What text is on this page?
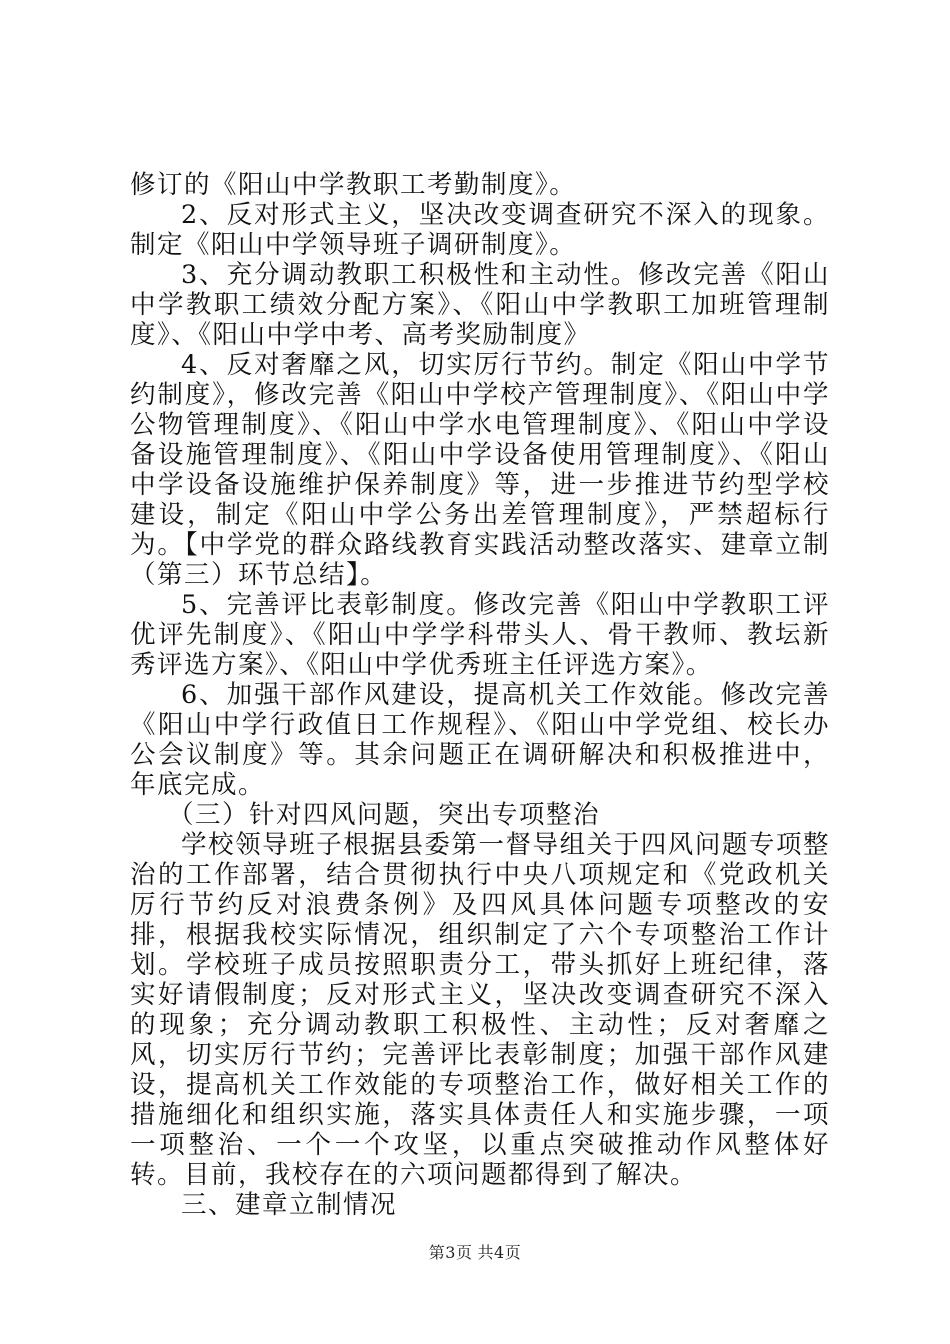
修订的《阳山中学教职工考勤制度》。

2、反对形式主义，坚决改变调查研究不深入的现象。制定《阳山中学领导班子调研制度》。

3、充分调动教职工积极性和主动性。修改完善《阳山中学教职工绩效分配方案》、《阳山中学教职工加班管理制度》、《阳山中学中考、高考奖励制度》

4、反对奢靡之风，切实厉行节约。制定《阳山中学节约制度》，修改完善《阳山中学校产管理制度》、《阳山中学公物管理制度》、《阳山中学水电管理制度》、《阳山中学设备设施管理制度》、《阳山中学设备使用管理制度》、《阳山中学设备设施维护保养制度》等，进一步推进节约型学校建设，制定《阳山中学公务出差管理制度》，严禁超标行为。【中学党的群众路线教育实践活动整改落实、建章立制（第三）环节总结】。

5、完善评比表彰制度。修改完善《阳山中学教职工评优评先制度》、《阳山中学学科带头人、骨干教师、教坛新秀评选方案》、《阳山中学优秀班主任评选方案》。

6、加强干部作风建设，提高机关工作效能。修改完善《阳山中学行政值日工作规程》、《阳山中学党组、校长办公会议制度》等。其余问题正在调研解决和积极推进中，年底完成。

（三）针对四风问题，突出专项整治

学校领导班子根据县委第一督导组关于四风问题专项整治的工作部署，结合贯彻执行中央八项规定和《党政机关厉行节约反对浪费条例》及四风具体问题专项整改的安排，根据我校实际情况，组织制定了六个专项整治工作计划。学校班子成员按照职责分工，带头抓好上班纪律，落实好请假制度；反对形式主义，坚决改变调查研究不深入的现象；充分调动教职工积极性、主动性；反对奢靡之风，切实厉行节约；完善评比表彰制度；加强干部作风建设，提高机关工作效能的专项整治工作，做好相关工作的措施细化和组织实施，落实具体责任人和实施步骤，一项一项整治、一个一个攻坚，以重点突破推动作风整体好转。目前，我校存在的六项问题都得到了解决。

三、建章立制情况

第3页 共4页
